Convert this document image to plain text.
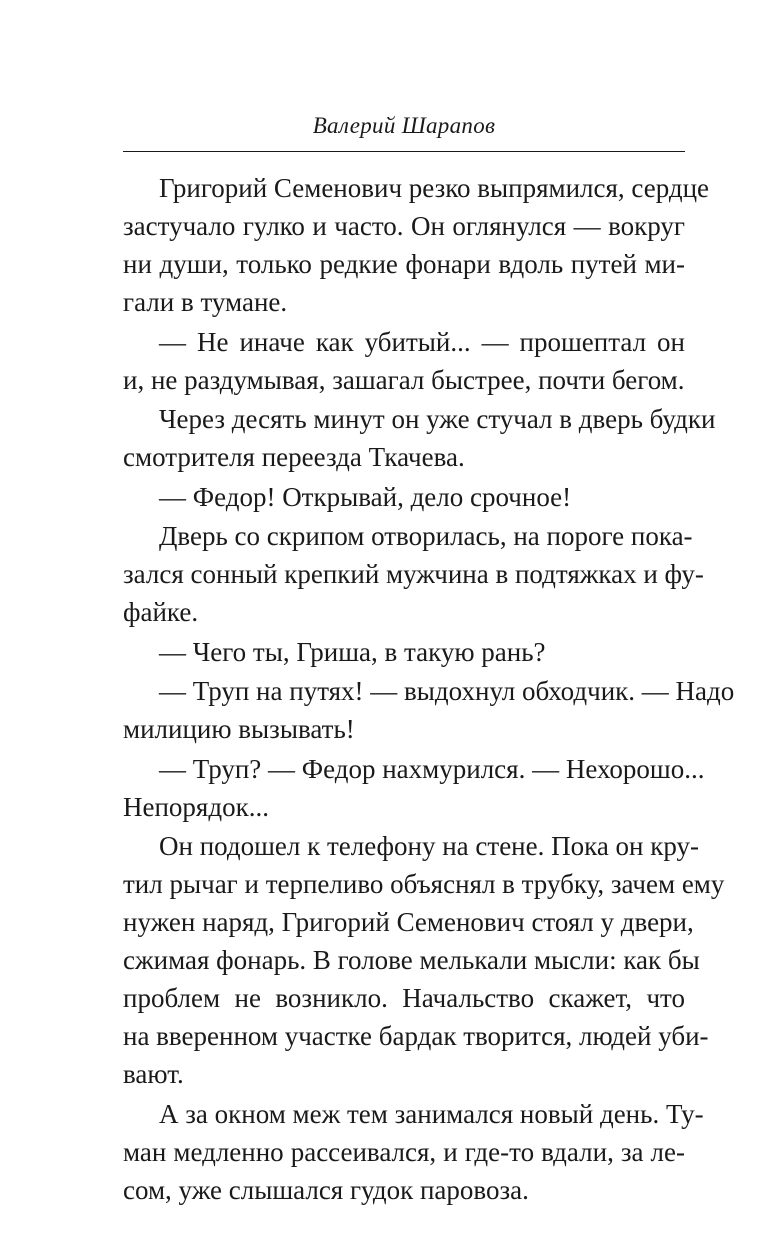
Валерий Шарапов
Григорий Семенович резко выпрямился, сердце
застучало гулко и часто. Он оглянулся — вокруг
ни души, только редкие фонари вдоль путей ми-
гали в тумане.
— Не иначе как убитый... — прошептал он
и, не раздумывая, зашагал быстрее, почти бегом.
Через десять минут он уже стучал в дверь будки
смотрителя переезда Ткачева.
— Федор! Открывай, дело срочное!
Дверь со скрипом отворилась, на пороге пока-
зался сонный крепкий мужчина в подтяжках и фу-
файке.
— Чего ты, Гриша, в такую рань?
— Труп на путях! — выдохнул обходчик. — Надо
милицию вызывать!
— Труп? — Федор нахмурился. — Нехорошо...
Непорядок...
Он подошел к телефону на стене. Пока он кру-
тил рычаг и терпеливо объяснял в трубку, зачем ему
нужен наряд, Григорий Семенович стоял у двери,
сжимая фонарь. В голове мелькали мысли: как бы
проблем не возникло. Начальство скажет, что
на вверенном участке бардак творится, людей уби-
вают.
А за окном меж тем занимался новый день. Ту-
ман медленно рассеивался, и где-то вдали, за ле-
сом, уже слышался гудок паровоза.
